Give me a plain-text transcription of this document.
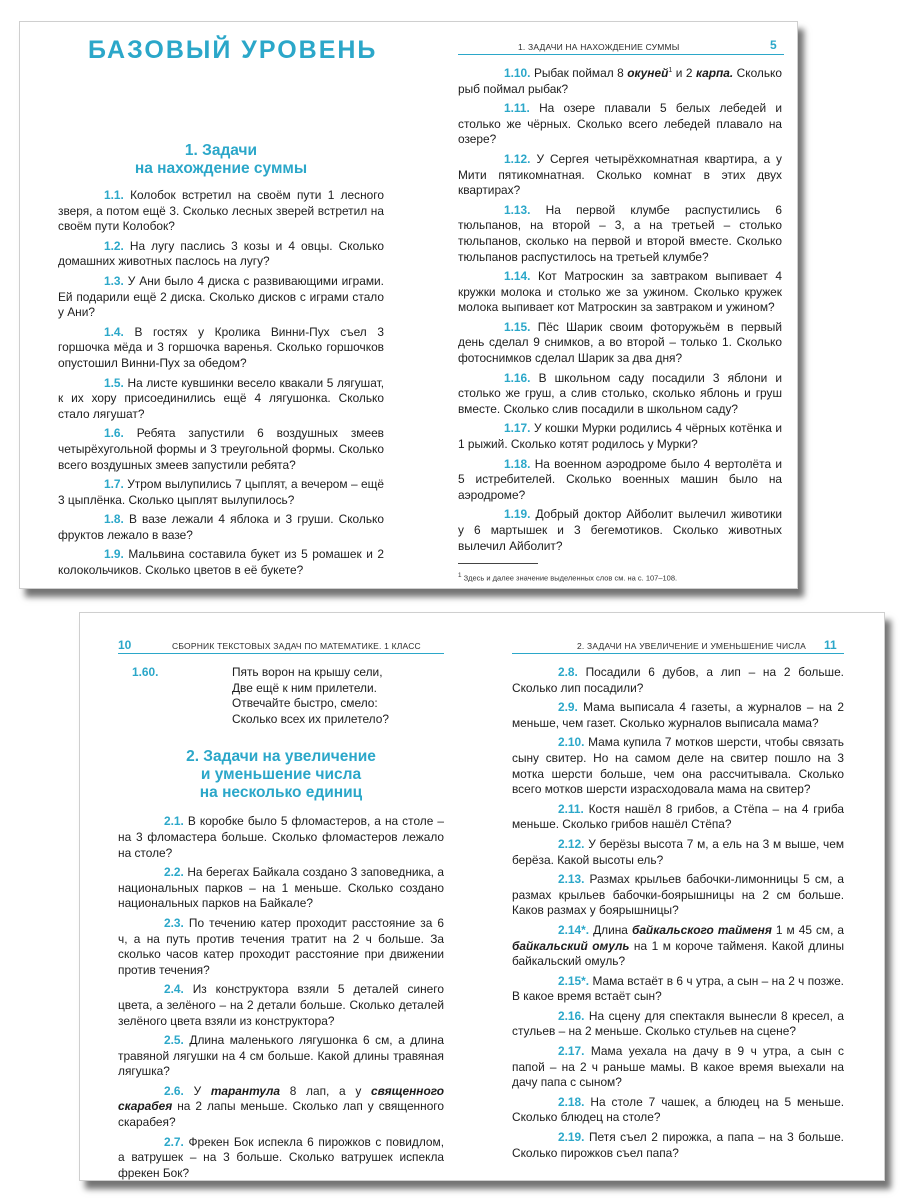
БАЗОВЫЙ УРОВЕНЬ	1. ЗАДАЧИ НА НАХОЖДЕНИЕ СУММЫ	5

1. Задачи
на нахождение суммы

1.1. Колобок встретил на своём пути 1 лесного зверя, а потом ещё 3. Сколько лесных зверей встретил на своём пути Колобок?

1.2. На лугу паслись 3 козы и 4 овцы. Сколько домашних животных паслось на лугу?

1.3. У Ани было 4 диска с развивающими играми. Ей подарили ещё 2 диска. Сколько дисков с играми стало у Ани?

1.4. В гостях у Кролика Винни-Пух съел 3 горшочка мёда и 3 горшочка варенья. Сколько горшочков опустошил Винни-Пух за обедом?

1.5. На листе кувшинки весело квакали 5 лягушат, к их хору присоединились ещё 4 лягушонка. Сколько стало лягушат?

1.6. Ребята запустили 6 воздушных змеев четырёхугольной формы и 3 треугольной формы. Сколько всего воздушных змеев запустили ребята?

1.7. Утром вылупились 7 цыплят, а вечером – ещё 3 цыплёнка. Сколько цыплят вылупилось?

1.8. В вазе лежали 4 яблока и 3 груши. Сколько фруктов лежало в вазе?

1.9. Мальвина составила букет из 5 ромашек и 2 колокольчиков. Сколько цветов в её букете?

1.10. Рыбак поймал 8 окуней$^1$ и 2 карпа. Сколько рыб поймал рыбак?

1.11. На озере плавали 5 белых лебедей и столько же чёрных. Сколько всего лебедей плавало на озере?

1.12. У Сергея четырёхкомнатная квартира, а у Мити пятикомнатная. Сколько комнат в этих двух квартирах?

1.13. На первой клумбе распустились 6 тюльпанов, на второй – 3, а на третьей – столько тюльпанов, сколько на первой и второй вместе. Сколько тюльпанов распустилось на третьей клумбе?

1.14. Кот Матроскин за завтраком выпивает 4 кружки молока и столько же за ужином. Сколько кружек молока выпивает кот Матроскин за завтраком и ужином?

1.15. Пёс Шарик своим фоторужьём в первый день сделал 9 снимков, а во второй – только 1. Сколько фотоснимков сделал Шарик за два дня?

1.16. В школьном саду посадили 3 яблони и столько же груш, а слив столько, сколько яблонь и груш вместе. Сколько слив посадили в школьном саду?

1.17. У кошки Мурки родились 4 чёрных котёнка и 1 рыжий. Сколько котят родилось у Мурки?

1.18. На военном аэродроме было 4 вертолёта и 5 истребителей. Сколько военных машин было на аэродроме?

1.19. Добрый доктор Айболит вылечил животики у 6 мартышек и 3 бегемотиков. Сколько животных вылечил Айболит?

$^1$ Здесь и далее значение выделенных слов см. на с. 107–108.
10	СБОРНИК ТЕКСТОВЫХ ЗАДАЧ ПО МАТЕМАТИКЕ. 1 КЛАСС	2. ЗАДАЧИ НА УВЕЛИЧЕНИЕ И УМЕНЬШЕНИЕ ЧИСЛА 11
1.60.	Пять ворон на крышу сели,
Две ещё к ним прилетели.
Отвечайте быстро, смело:
Сколько всех их прилетело?

2. Задачи на увеличение
и уменьшение числа
на несколько единиц

2.1. В коробке было 5 фломастеров, а на столе – на 3 фломастера больше. Сколько фломастеров лежало на столе?

2.2. На берегах Байкала создано 3 заповедника, а национальных парков – на 1 меньше. Сколько создано национальных парков на Байкале?

2.3. По течению катер проходит расстояние за 6 ч, а на путь против течения тратит на 2 ч больше. За сколько часов катер проходит расстояние при движении против течения?

2.4. Из конструктора взяли 5 деталей синего цвета, а зелёного – на 2 детали больше. Сколько деталей зелёного цвета взяли из конструктора?

2.5. Длина маленького лягушонка 6 см, а длина травяной лягушки на 4 см больше. Какой длины травяная лягушка?

2.6. У тарантула 8 лап, а у священного скарабея на 2 лапы меньше. Сколько лап у священного скарабея?

2.7. Фрекен Бок испекла 6 пирожков с повидлом, а ватрушек – на 3 больше. Сколько ватрушек испекла фрекен Бок?

2.8. Посадили 6 дубов, а лип – на 2 больше. Сколько лип посадили?

2.9. Мама выписала 4 газеты, а журналов – на 2 меньше, чем газет. Сколько журналов выписала мама?

2.10. Мама купила 7 мотков шерсти, чтобы связать сыну свитер. Но на самом деле на свитер пошло на 3 мотка шерсти больше, чем она рассчитывала. Сколько всего мотков шерсти израсходовала мама на свитер?

2.11. Костя нашёл 8 грибов, а Стёпа – на 4 гриба меньше. Сколько грибов нашёл Стёпа?

2.12. У берёзы высота 7 м, а ель на 3 м выше, чем берёза. Какой высоты ель?

2.13. Размах крыльев бабочки-лимонницы 5 см, а размах крыльев бабочки-боярышницы на 2 см больше. Каков размах у боярышницы?

2.14*. Длина байкальского тайменя 1 м 45 см, а байкальский омуль на 1 м короче тайменя. Какой длины байкальский омуль?

2.15*. Мама встаёт в 6 ч утра, а сын – на 2 ч позже. В какое время встаёт сын?

2.16. На сцену для спектакля вынесли 8 кресел, а стульев – на 2 меньше. Сколько стульев на сцене?

2.17. Мама уехала на дачу в 9 ч утра, а сын с папой – на 2 ч раньше мамы. В какое время выехали на дачу папа с сыном?

2.18. На столе 7 чашек, а блюдец на 5 меньше. Сколько блюдец на столе?

2.19. Петя съел 2 пирожка, а папа – на 3 больше. Сколько пирожков съел папа?
